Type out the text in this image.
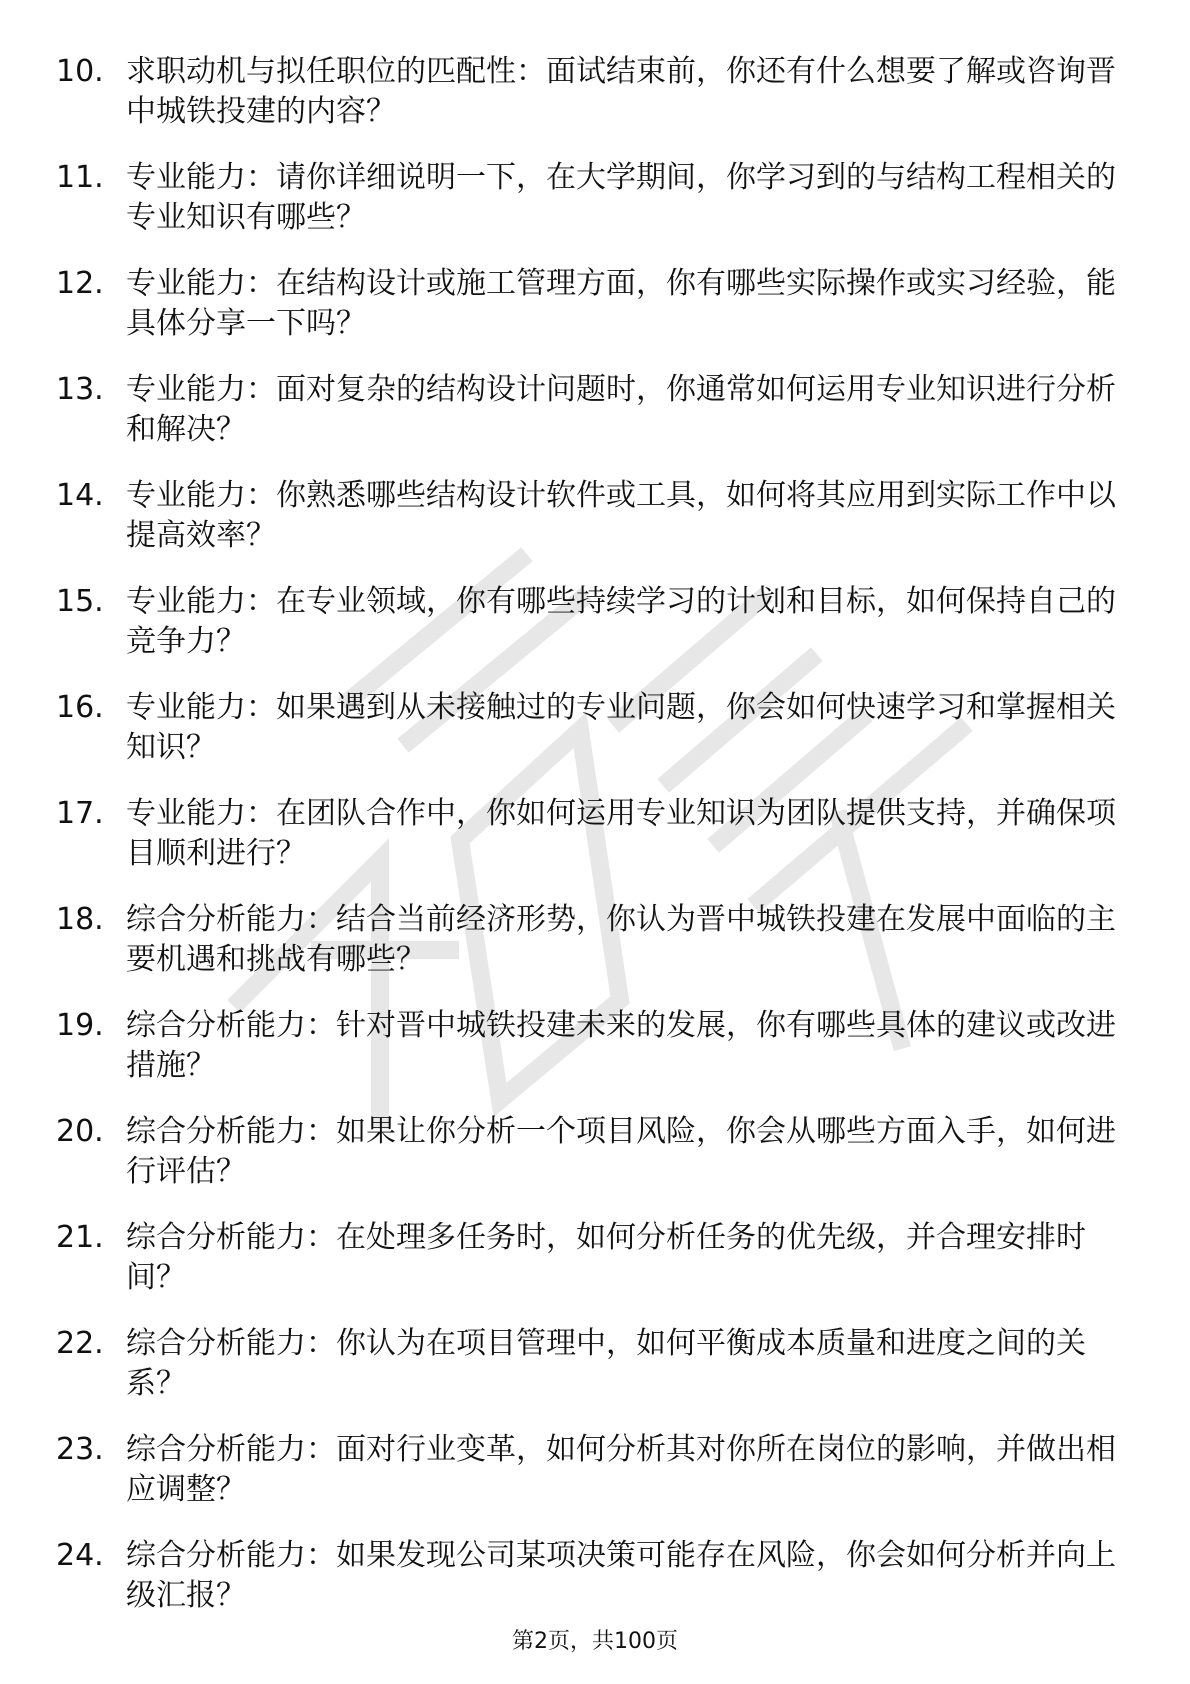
10. 求职动机与拟任职位的匹配性：面试结束前，你还有什么想要了解或咨询晋中城铁投建的内容？
11. 专业能力：请你详细说明一下，在大学期间，你学习到的与结构工程相关的专业知识有哪些？
12. 专业能力：在结构设计或施工管理方面，你有哪些实际操作或实习经验，能具体分享一下吗？
13. 专业能力：面对复杂的结构设计问题时，你通常如何运用专业知识进行分析和解决？
14. 专业能力：你熟悉哪些结构设计软件或工具，如何将其应用到实际工作中以提高效率？
15. 专业能力：在专业领域，你有哪些持续学习的计划和目标，如何保持自己的竞争力？
16. 专业能力：如果遇到从未接触过的专业问题，你会如何快速学习和掌握相关知识？
17. 专业能力：在团队合作中，你如何运用专业知识为团队提供支持，并确保项目顺利进行？
18. 综合分析能力：结合当前经济形势，你认为晋中城铁投建在发展中面临的主要机遇和挑战有哪些？
19. 综合分析能力：针对晋中城铁投建未来的发展，你有哪些具体的建议或改进措施？
20. 综合分析能力：如果让你分析一个项目风险，你会从哪些方面入手，如何进行评估？
21. 综合分析能力：在处理多任务时，如何分析任务的优先级，并合理安排时间？
22. 综合分析能力：你认为在项目管理中，如何平衡成本质量和进度之间的关系？
23. 综合分析能力：面对行业变革，如何分析其对你所在岗位的影响，并做出相应调整？
24. 综合分析能力：如果发现公司某项决策可能存在风险，你会如何分析并向上级汇报？
第2页，共100页
